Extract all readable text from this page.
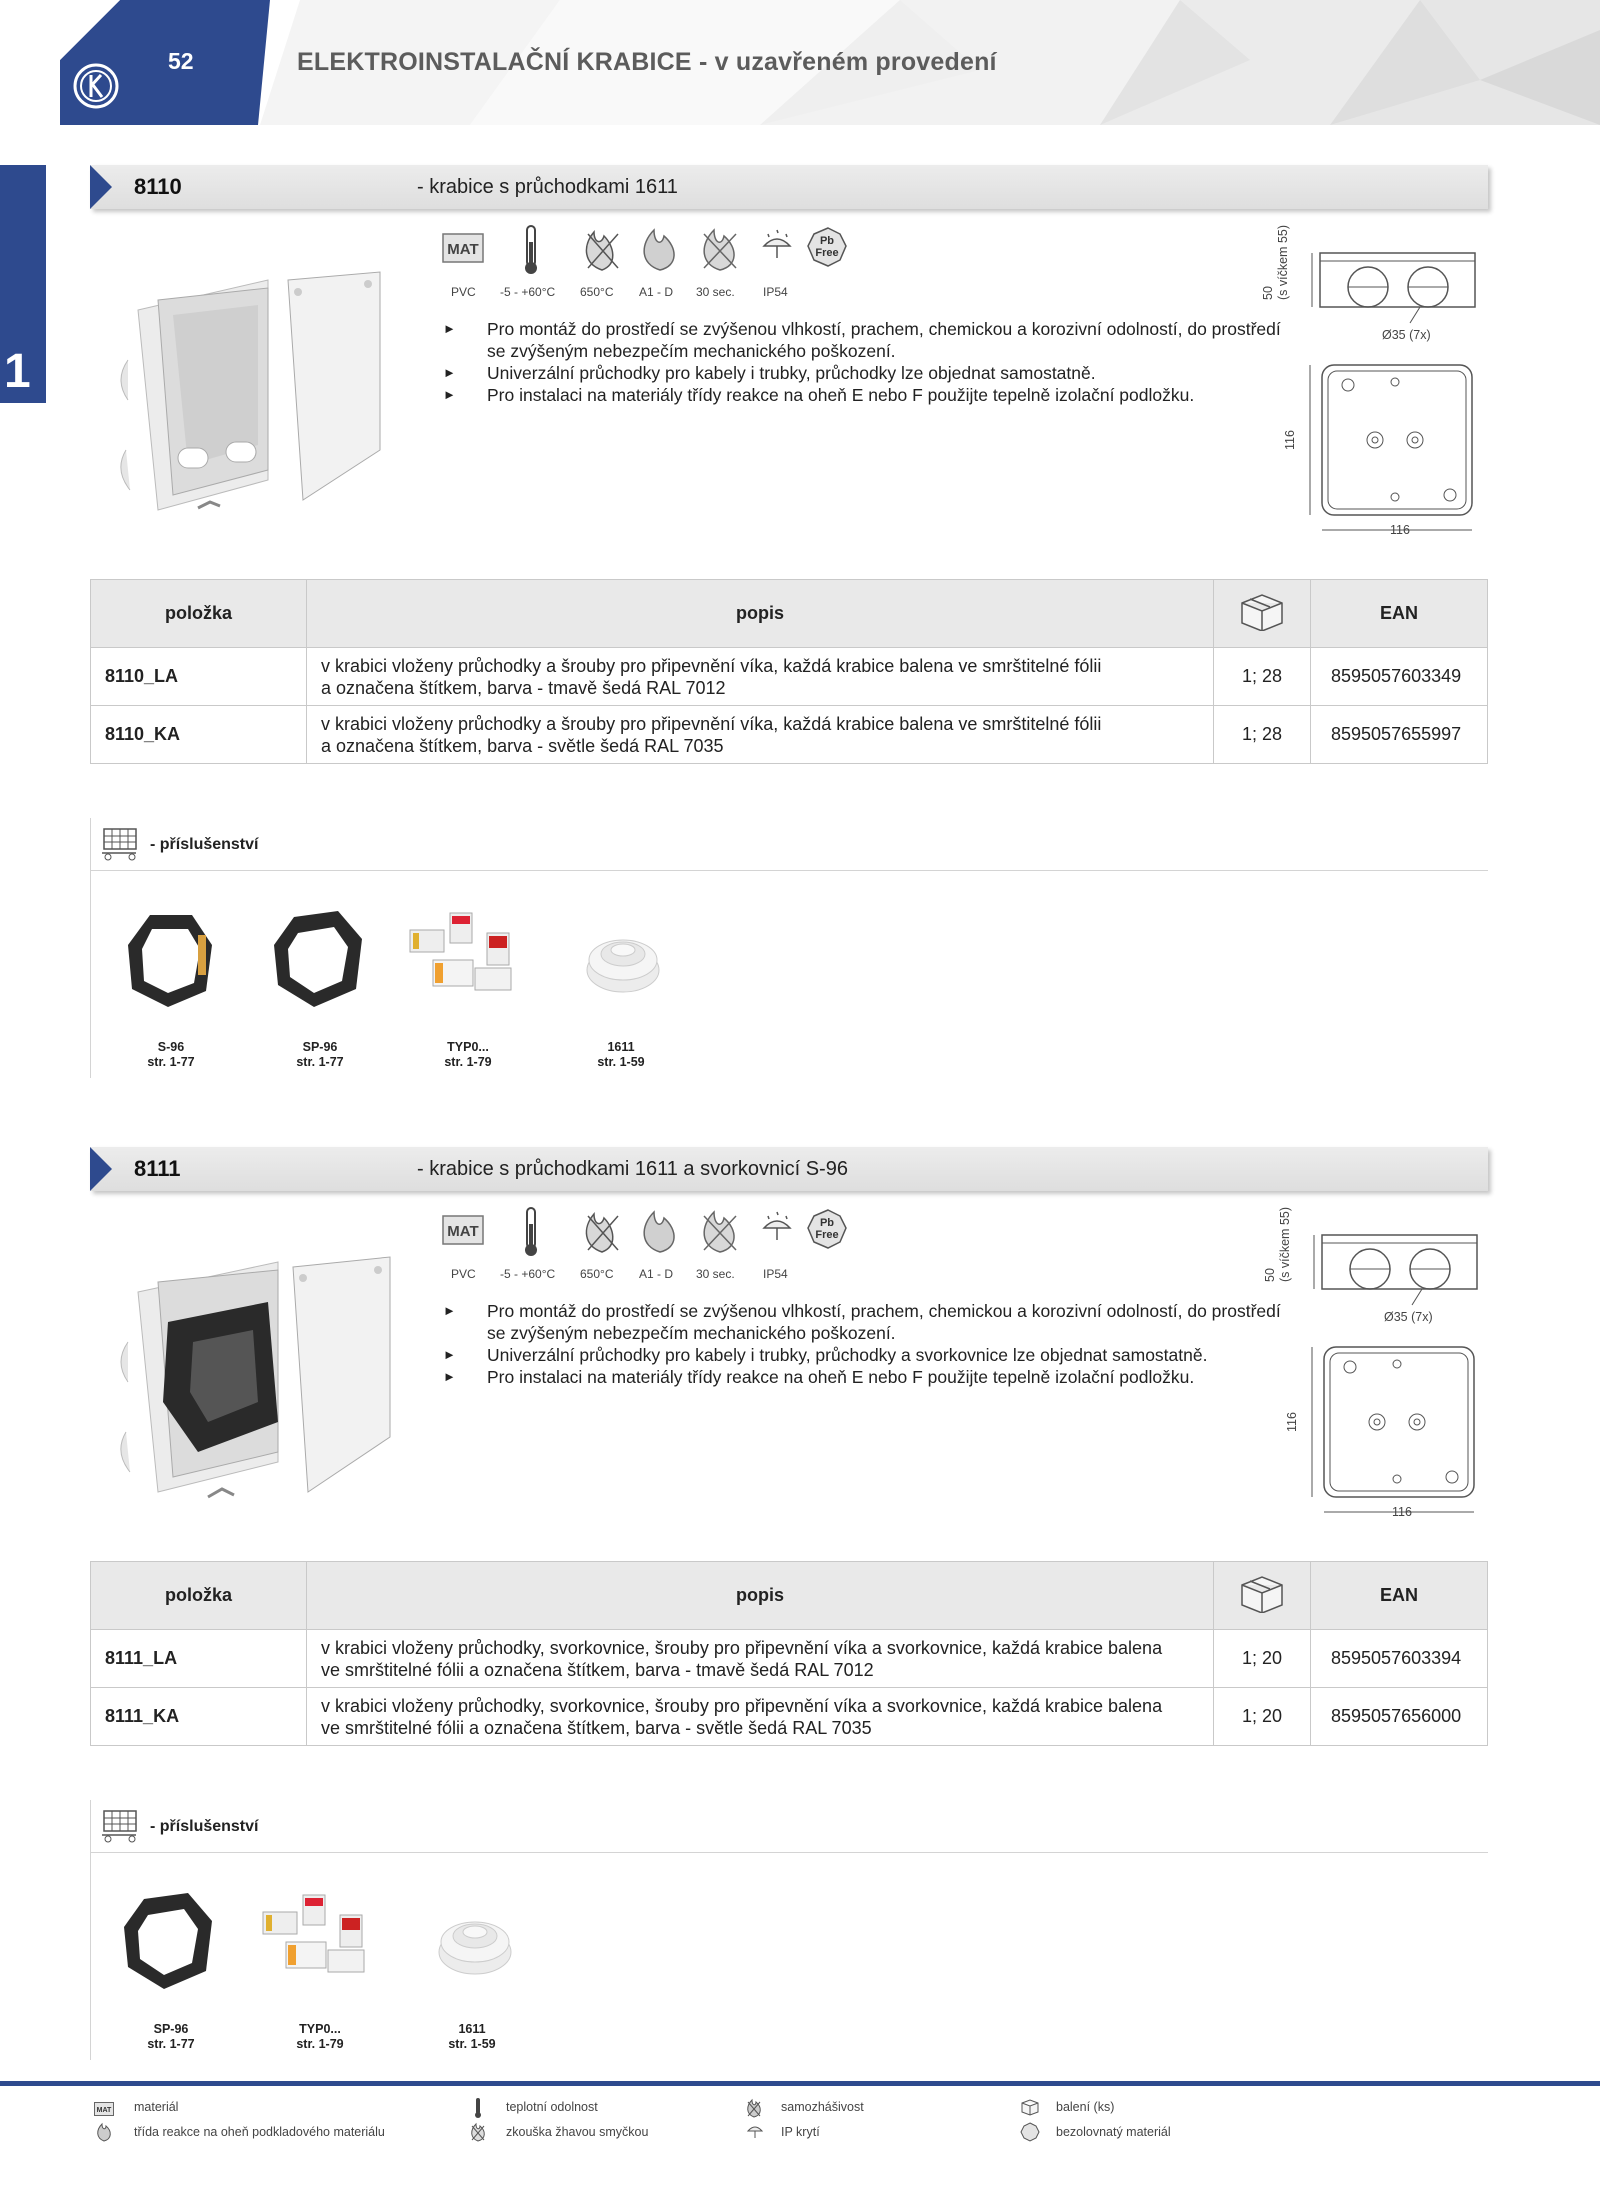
52	ELEKTROINSTALAČNÍ KRABICE - v uzavřeném provedení
1
8110	- krabice s průchodkami 1611
MAT	Pb
Free
PVC -5 - +60°C 650°C A1 - D 30 sec. IP54
► Pro montáž do prostředí se zvýšenou vlhkostí, prachem, chemickou a korozivní odolností, do prostředí se zvýšeným nebezpečím mechanického poškození.
► Univerzální průchodky pro kabely i trubky, průchodky lze objednat samostatně.
► Pro instalaci na materiály třídy reakce na oheň E nebo F použijte tepelně izolační podložku.
50
(s víčkem 55)
Ø35 (7x)
116
116
položka	popis		EAN
8110_LA	v krabici vloženy průchodky a šrouby pro připevnění víka, každá krabice balena ve smrštitelné fólii
a označena štítkem, barva - tmavě šedá RAL 7012	1; 28	8595057603349
8110_KA	v krabici vloženy průchodky a šrouby pro připevnění víka, každá krabice balena ve smrštitelné fólii
a označena štítkem, barva - světle šedá RAL 7035	1; 28	8595057655997
- příslušenství
S-96
str. 1-77
SP-96
str. 1-77
TYP0...
str. 1-79
1611
str. 1-59
8111	- krabice s průchodkami 1611 a svorkovnicí S-96
MAT	Pb
Free
PVC -5 - +60°C 650°C A1 - D 30 sec. IP54
► Pro montáž do prostředí se zvýšenou vlhkostí, prachem, chemickou a korozivní odolností, do prostředí se zvýšeným nebezpečím mechanického poškození.
► Univerzální průchodky pro kabely i trubky, průchodky a svorkovnice lze objednat samostatně.
► Pro instalaci na materiály třídy reakce na oheň E nebo F použijte tepelně izolační podložku.
50
(s víčkem 55)
Ø35 (7x)
116
116
položka	popis		EAN
8111_LA	v krabici vloženy průchodky, svorkovnice, šrouby pro připevnění víka a svorkovnice, každá krabice balena
ve smrštitelné fólii a označena štítkem, barva - tmavě šedá RAL 7012	1; 20	8595057603394
8111_KA	v krabici vloženy průchodky, svorkovnice, šrouby pro připevnění víka a svorkovnice, každá krabice balena
ve smrštitelné fólii a označena štítkem, barva - světle šedá RAL 7035	1; 20	8595057656000
- příslušenství
SP-96
str. 1-77
TYP0...
str. 1-79
1611
str. 1-59
MAT materiál	teplotní odolnost	samozhášivost	balení (ks)
třída reakce na oheň podkladového materiálu	zkouška žhavou smyčkou	IP krytí	bezolovnatý materiál
